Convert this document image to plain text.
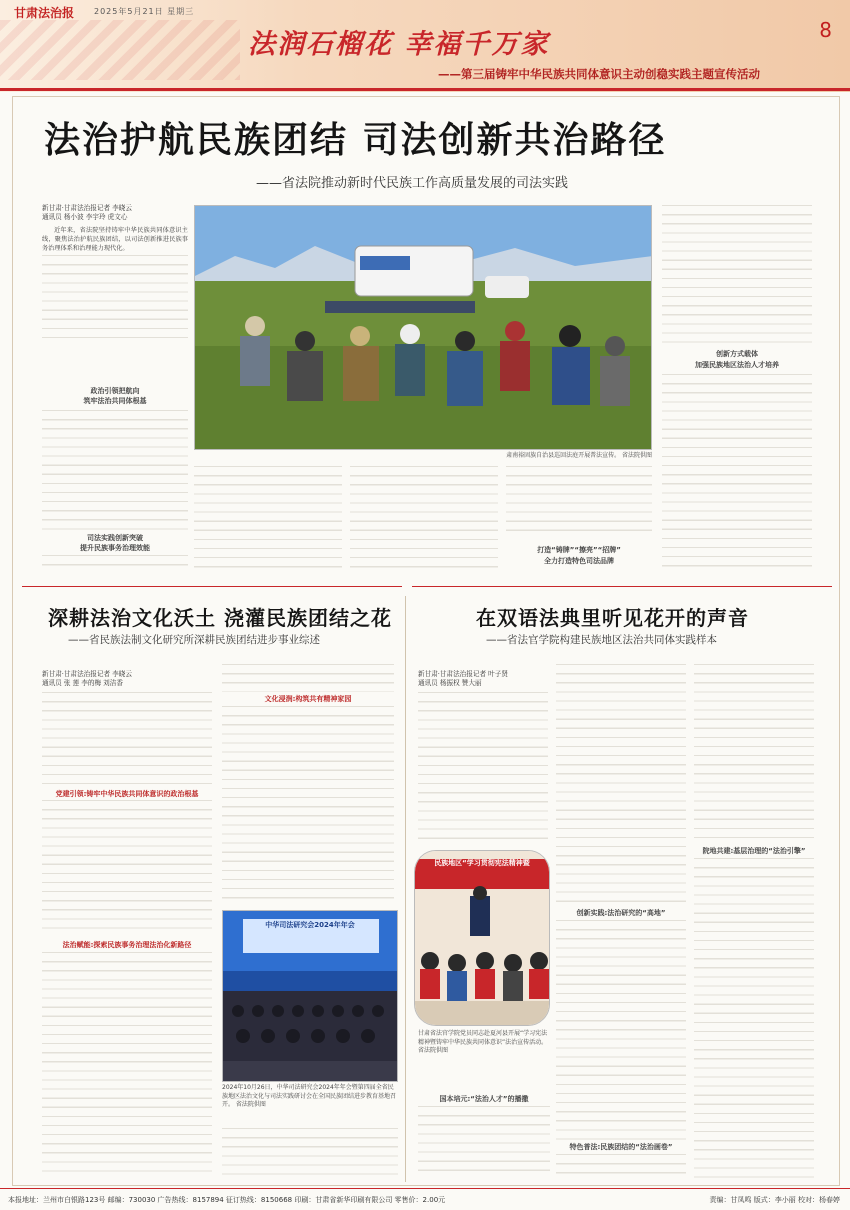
甘肃法治报 2025年5月21日 星期三
法润石榴花 幸福千万家
——第三届铸牢中华民族共同体意识主动创稳实践主题宣传活动
8
法治护航民族团结 司法创新共治路径
——省法院推动新时代民族工作高质量发展的司法实践
新甘肃·甘肃法治报记者 李晓云
通讯员 杨小波 李宇玲 虎文心

近年来，省法院坚持铸牢中华民族共同体意识主线，聚焦法治护航民族团结，以司法创新推进民族事务治理体系和治理能力现代化。

政治引领把航向
筑牢法治共同体根基
司法实践创新突破
提升民族事务治理效能
肃南裕固族自治县巡回法庭开展普法宣传。 省法院供图
打造“铸牌”“擦亮”“招牌”
全力打造特色司法品牌
创新方式载体
加强民族地区法治人才培养
深耕法治文化沃土 浇灌民族团结之花
——省民族法制文化研究所深耕民族团结进步事业综述
新甘肃·甘肃法治报记者 李晓云
通讯员 张 莲 李的梅 刘洁香
党建引领:铸牢中华民族共同体意识的政治根基
法治赋能:探索民族事务治理法治化新路径
文化浸润:构筑共有精神家园
中华司法研究会2024年年会
2024年10月26日，中华司法研究会2024年年会暨第四届全省民族地区法治文化与司法实践研讨会在全国民族团结进步教育基地召开。 省法院供图
在双语法典里听见花开的声音
——省法官学院构建民族地区法治共同体实践样本
新甘肃·甘肃法治报记者 叶子贤
通讯员 杨振权 赞大丽
创新实践:法治研究的“高地”
特色普法:民族团结的“法治画卷”
院地共建:基层治理的“法治引擎”
民族地区“学习贯彻宪法精神暨
甘肃省法官学院党员同志赴夏河县开展“学习宪法精神暨铸牢中华民族共同体意识”法治宣传活动。 省法院供图
国本培元:“法治人才”的播撒
本报地址：兰州市白银路123号 邮编：730030 广告热线：8157894 征订热线：8150668 印刷：甘肃省新华印刷有限公司 零售价：2.00元	责编：甘凤鸣 版式：李小丽 校对：杨春婷
